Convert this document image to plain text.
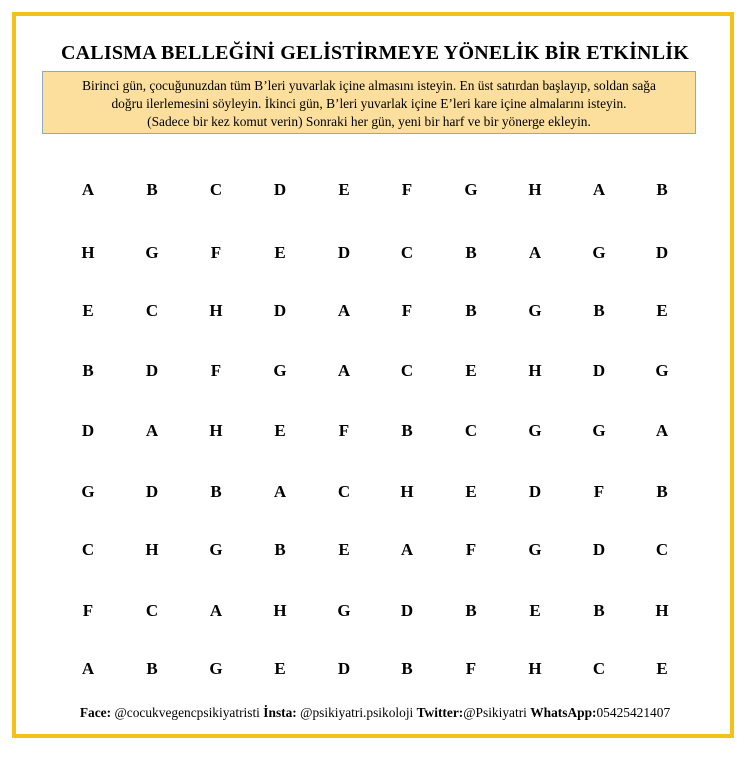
CALISMA BELLEĞİNİ GELİSTİRMEYE YÖNELİK BİR ETKİNLİK
Birinci gün, çocuğunuzdan tüm B’leri yuvarlak içine almasını isteyin. En üst satırdan başlayıp, soldan sağa
doğru ilerlemesini söyleyin. İkinci gün, B’leri yuvarlak içine E’leri kare içine almalarını isteyin.
(Sadece bir kez komut verin) Sonraki her gün, yeni bir harf ve bir yönerge ekleyin.
A	B	C	D	E	F	G	H	A	B
H	G	F	E	D	C	B	A	G	D
E	C	H	D	A	F	B	G	B	E
B	D	F	G	A	C	E	H	D	G
D	A	H	E	F	B	C	G	G	A
G	D	B	A	C	H	E	D	F	B
C	H	G	B	E	A	F	G	D	C
F	C	A	H	G	D	B	E	B	H
A	B	G	E	D	B	F	H	C	E
Face: @cocukvegencpsikiyatristi İnsta: @psikiyatri.psikoloji Twitter:@Psikiyatri WhatsApp:05425421407
